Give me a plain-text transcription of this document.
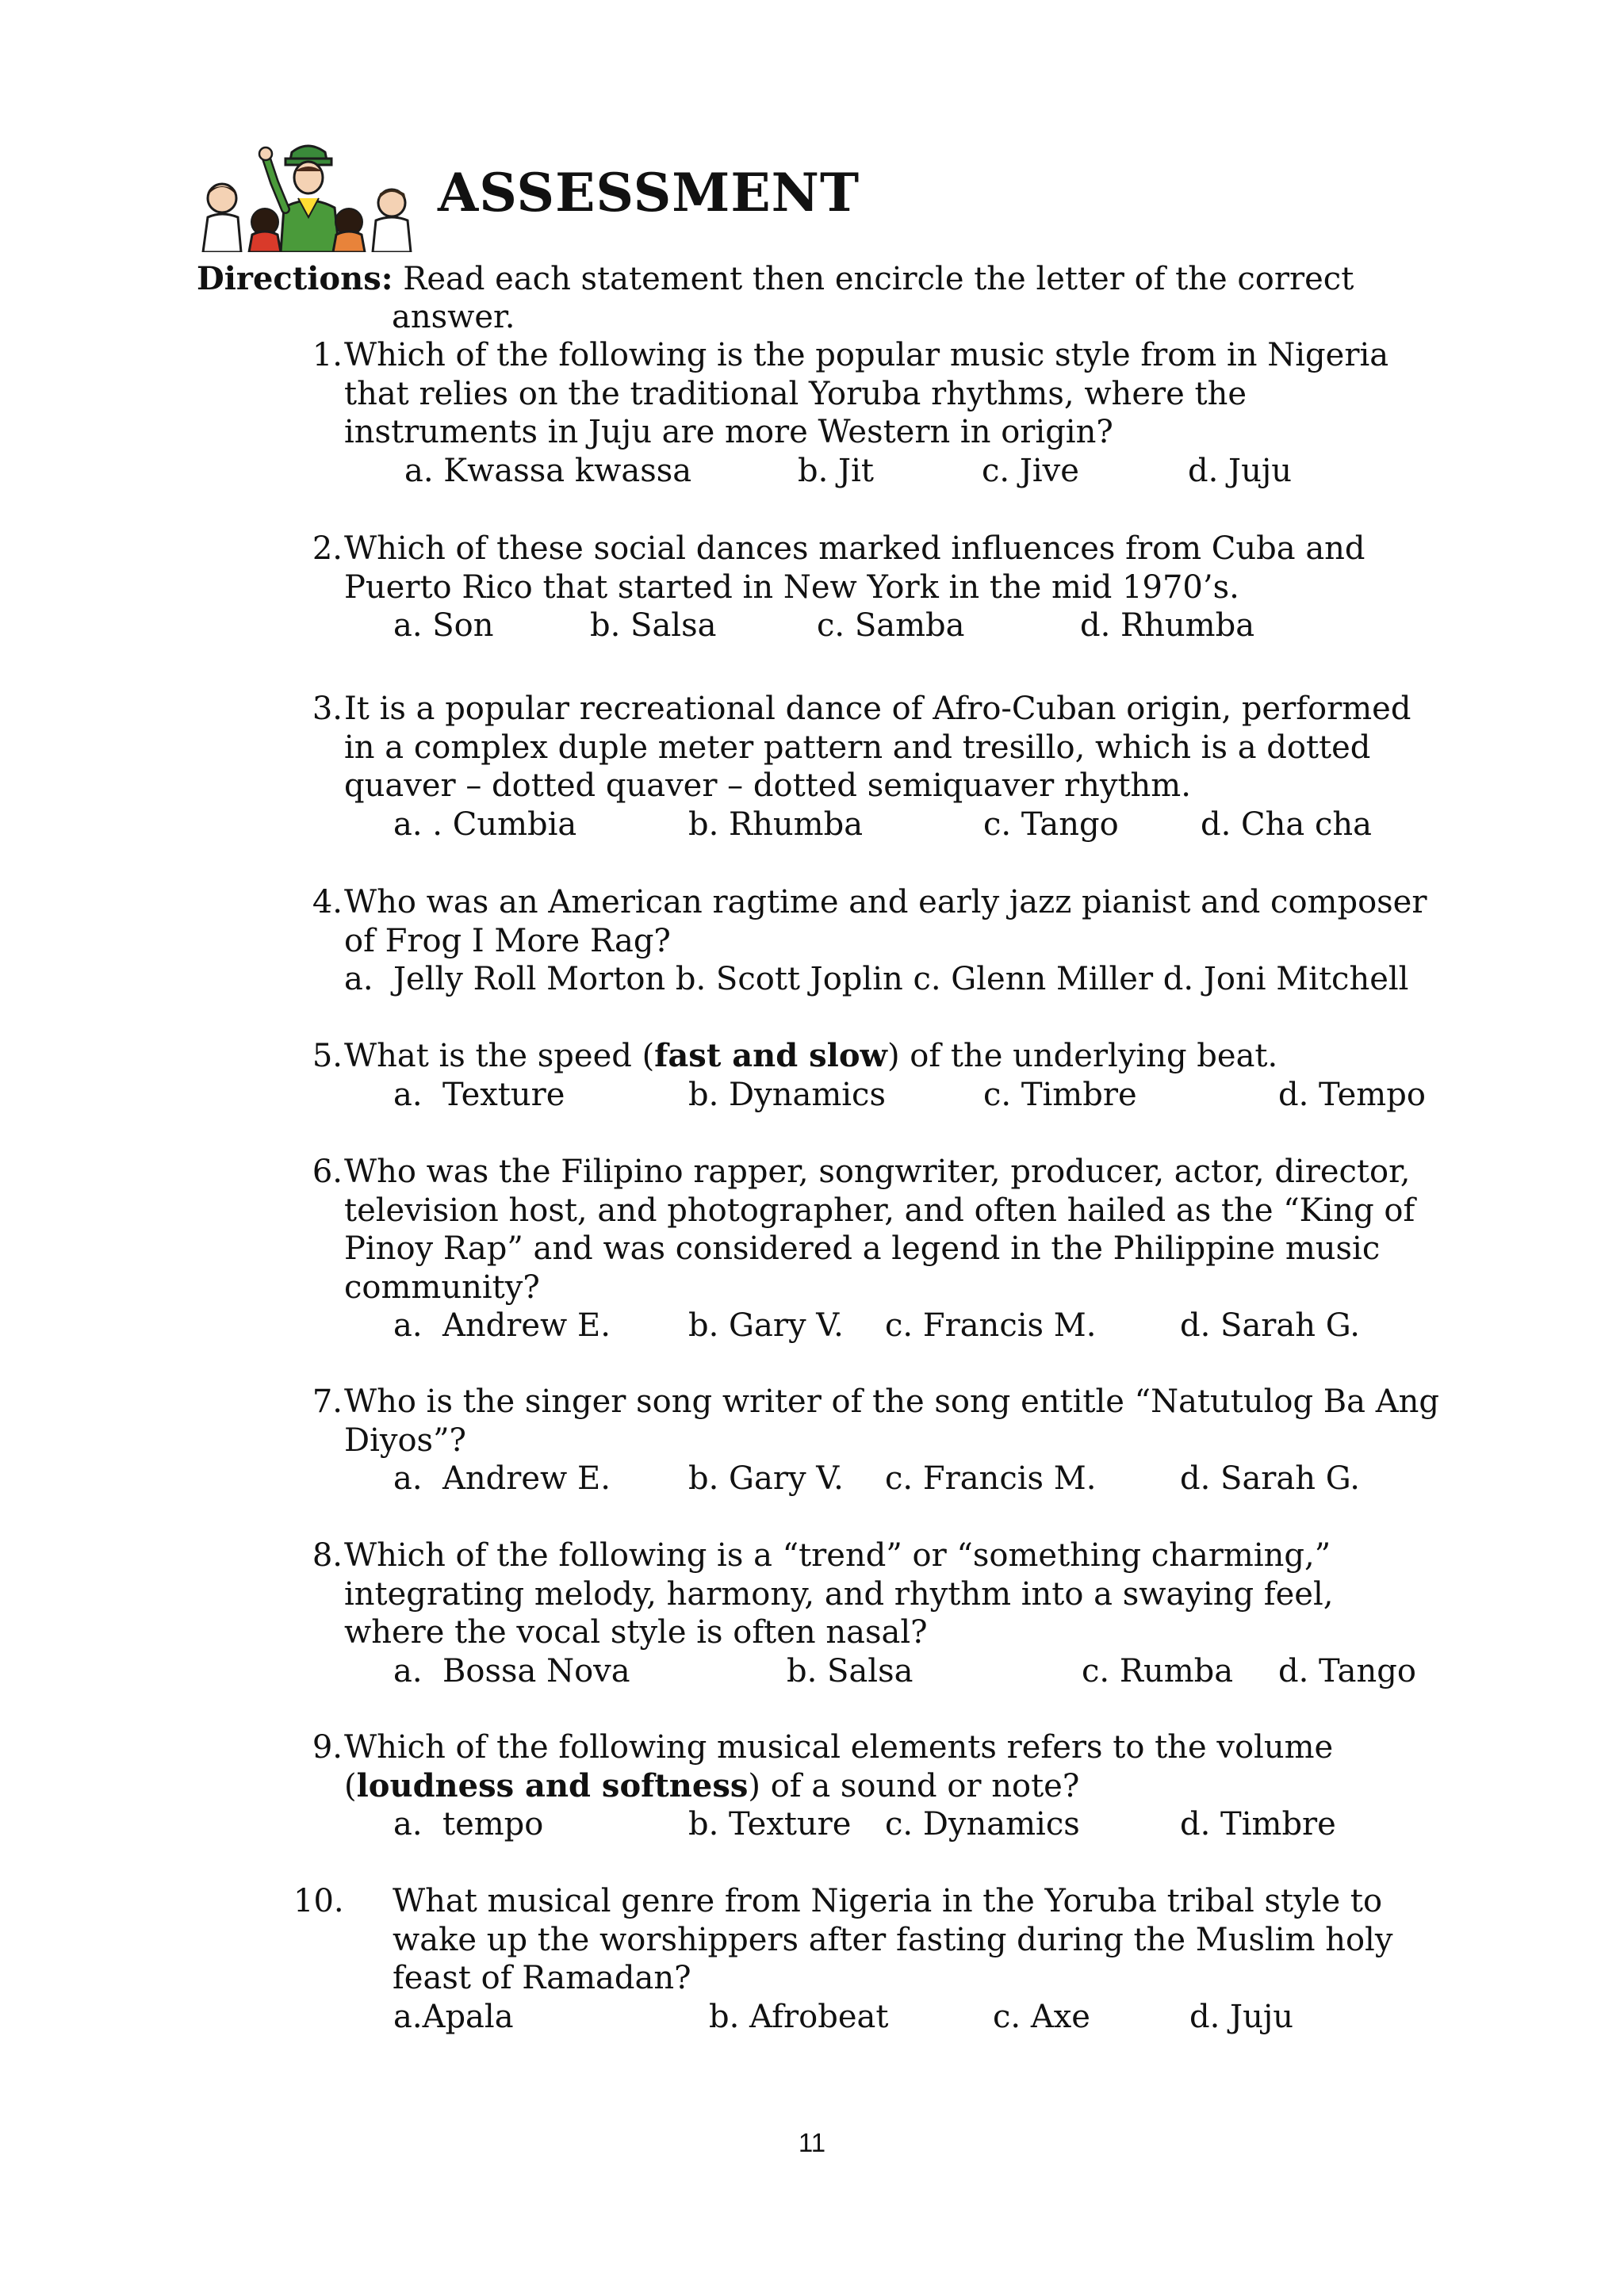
ASSESSMENT
Directions: Read each statement then encircle the letter of the correct
answer.
1. Which of the following is the popular music style from in Nigeria
that relies on the traditional Yoruba rhythms, where the
instruments in Juju are more Western in origin?
a. Kwassa kwassa	b. Jit	c. Jive	d. Juju
2. Which of these social dances marked influences from Cuba and
Puerto Rico that started in New York in the mid 1970’s.
a. Son	b. Salsa	c. Samba	d. Rhumba
3. It is a popular recreational dance of Afro-Cuban origin, performed
in a complex duple meter pattern and tresillo, which is a dotted
quaver – dotted quaver – dotted semiquaver rhythm.
a. . Cumbia	b. Rhumba	c. Tango	d. Cha cha
4. Who was an American ragtime and early jazz pianist and composer
of Frog I More Rag?
a.  Jelly Roll Morton b. Scott Joplin c. Glenn Miller d. Joni Mitchell
5. What is the speed (fast and slow) of the underlying beat.
a.  Texture	b. Dynamics	c. Timbre	d. Tempo
6. Who was the Filipino rapper, songwriter, producer, actor, director,
television host, and photographer, and often hailed as the “King of
Pinoy Rap” and was considered a legend in the Philippine music
community?
a.  Andrew E. b. Gary V. c. Francis M.	d. Sarah G.
7. Who is the singer song writer of the song entitle “Natutulog Ba Ang
Diyos”?
a.  Andrew E. b. Gary V. c. Francis M.	d. Sarah G.
8. Which of the following is a “trend” or “something charming,”
integrating melody, harmony, and rhythm into a swaying feel,
where the vocal style is often nasal?
a.  Bossa Nova	b. Salsa	c. Rumba d. Tango
9. Which of the following musical elements refers to the volume
(loudness and softness) of a sound or note?
a.  tempo	b. Texture c. Dynamics	d. Timbre
10. What musical genre from Nigeria in the Yoruba tribal style to
wake up the worshippers after fasting during the Muslim holy
feast of Ramadan?
a.Apala	b. Afrobeat	c. Axe	d. Juju
11
